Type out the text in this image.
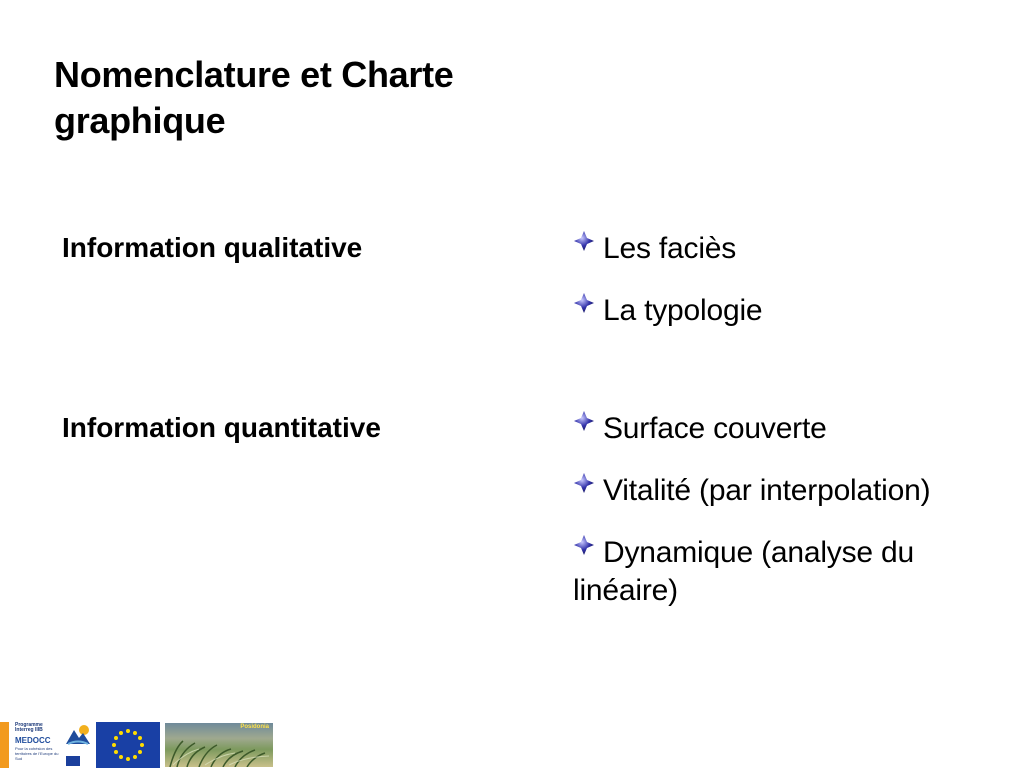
Nomenclature et Charte graphique
Information qualitative	Les faciès
La typologie
Information quantitative	Surface couverte
Vitalité (par interpolation)
Dynamique (analyse du linéaire)
Programme
Interreg IIIB
MEDOCC
Pour la cohésion des territoires de l'Europe du Sud
Posidonia
